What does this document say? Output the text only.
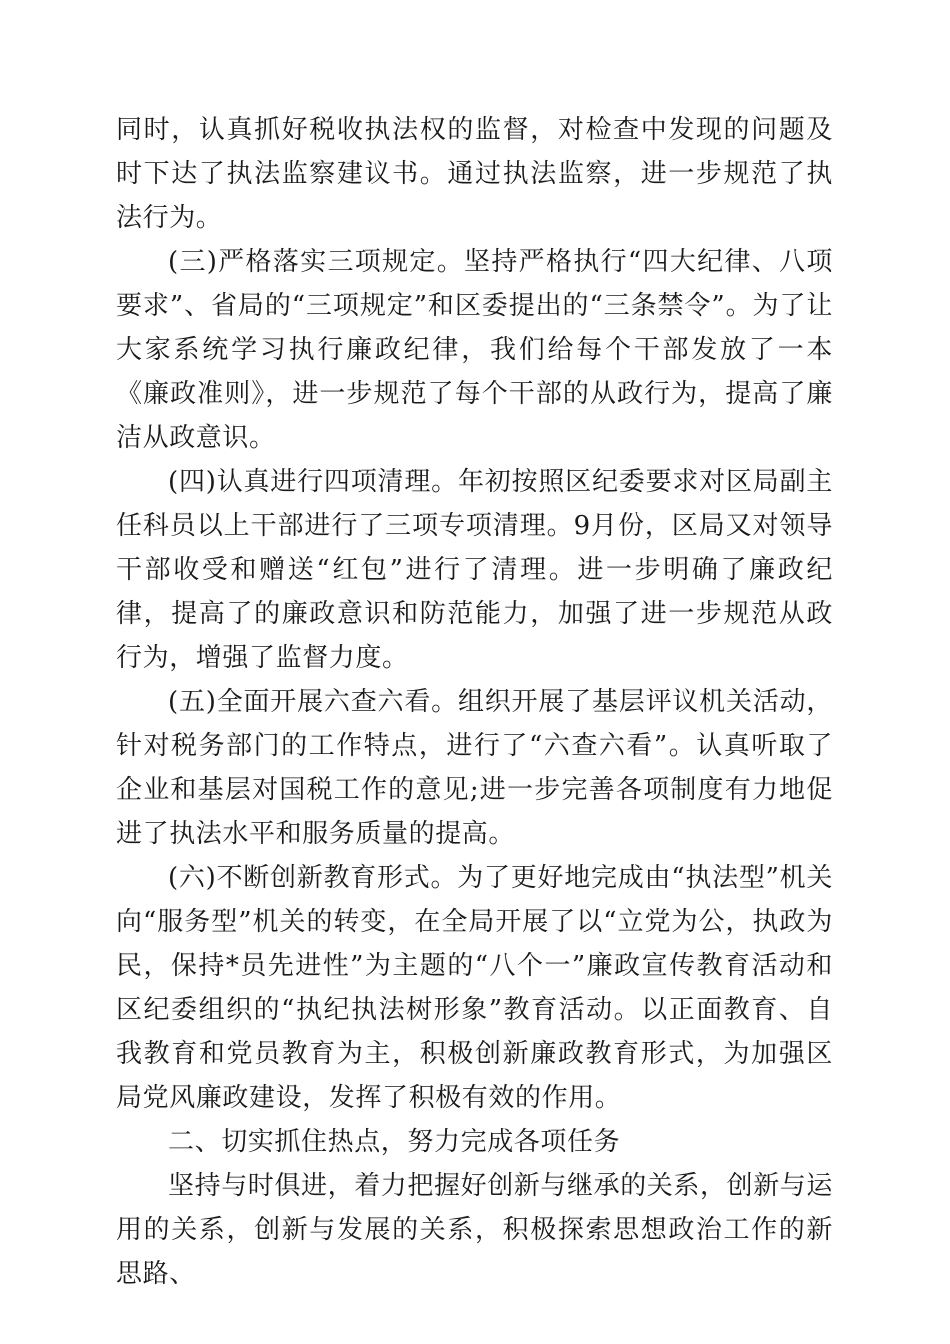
同时，认真抓好税收执法权的监督，对检查中发现的问题及时下达了执法监察建议书。通过执法监察，进一步规范了执法行为。

(三)严格落实三项规定。坚持严格执行“四大纪律、八项要求”、省局的“三项规定”和区委提出的“三条禁令”。为了让大家系统学习执行廉政纪律，我们给每个干部发放了一本《廉政准则》，进一步规范了每个干部的从政行为，提高了廉洁从政意识。

(四)认真进行四项清理。年初按照区纪委要求对区局副主任科员以上干部进行了三项专项清理。9月份，区局又对领导干部收受和赠送“红包”进行了清理。进一步明确了廉政纪律，提高了的廉政意识和防范能力，加强了进一步规范从政行为，增强了监督力度。

(五)全面开展六查六看。组织开展了基层评议机关活动，针对税务部门的工作特点，进行了“六查六看”。认真听取了企业和基层对国税工作的意见;进一步完善各项制度有力地促进了执法水平和服务质量的提高。

(六)不断创新教育形式。为了更好地完成由“执法型”机关向“服务型”机关的转变，在全局开展了以“立党为公，执政为民，保持*员先进性”为主题的“八个一”廉政宣传教育活动和区纪委组织的“执纪执法树形象”教育活动。以正面教育、自我教育和党员教育为主，积极创新廉政教育形式，为加强区局党风廉政建设，发挥了积极有效的作用。

二、切实抓住热点，努力完成各项任务

坚持与时俱进，着力把握好创新与继承的关系，创新与运用的关系，创新与发展的关系，积极探索思想政治工作的新思路、
